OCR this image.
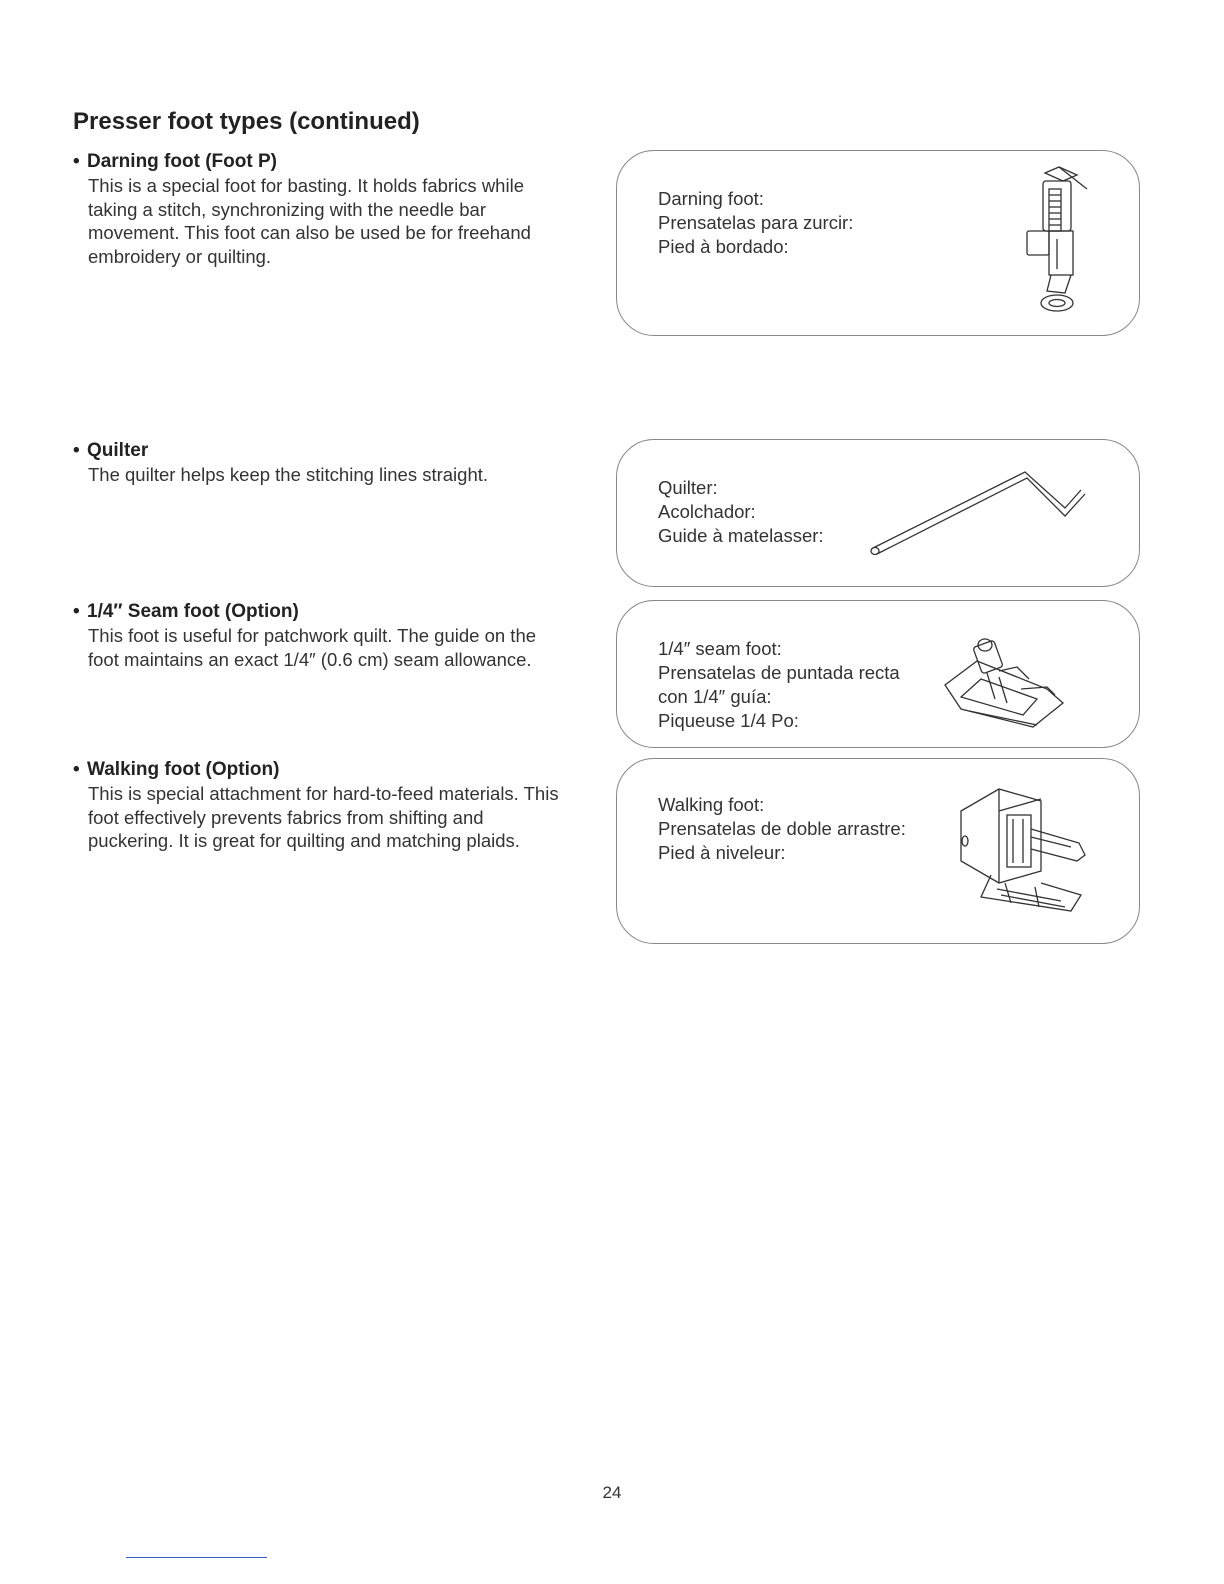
Presser foot types (continued)
• Darning foot (Foot P)
This is a special foot for basting. It holds fabrics while
taking a stitch, synchronizing with the needle bar
movement. This foot can also be used be for freehand
embroidery or quilting.
Darning foot:
Prensatelas para zurcir:
Pied à bordado:
• Quilter
The quilter helps keep the stitching lines straight.
Quilter:
Acolchador:
Guide à matelasser:
• 1/4″ Seam foot (Option)
This foot is useful for patchwork quilt. The guide on the
foot maintains an exact 1/4″ (0.6 cm) seam allowance.
1/4″ seam foot:
Prensatelas de puntada recta
con 1/4″ guía:
Piqueuse 1/4 Po:
• Walking foot (Option)
This is special attachment for hard-to-feed materials. This
foot effectively prevents fabrics from shifting and
puckering. It is great for quilting and matching plaids.
Walking foot:
Prensatelas de doble arrastre:
Pied à niveleur:
24
